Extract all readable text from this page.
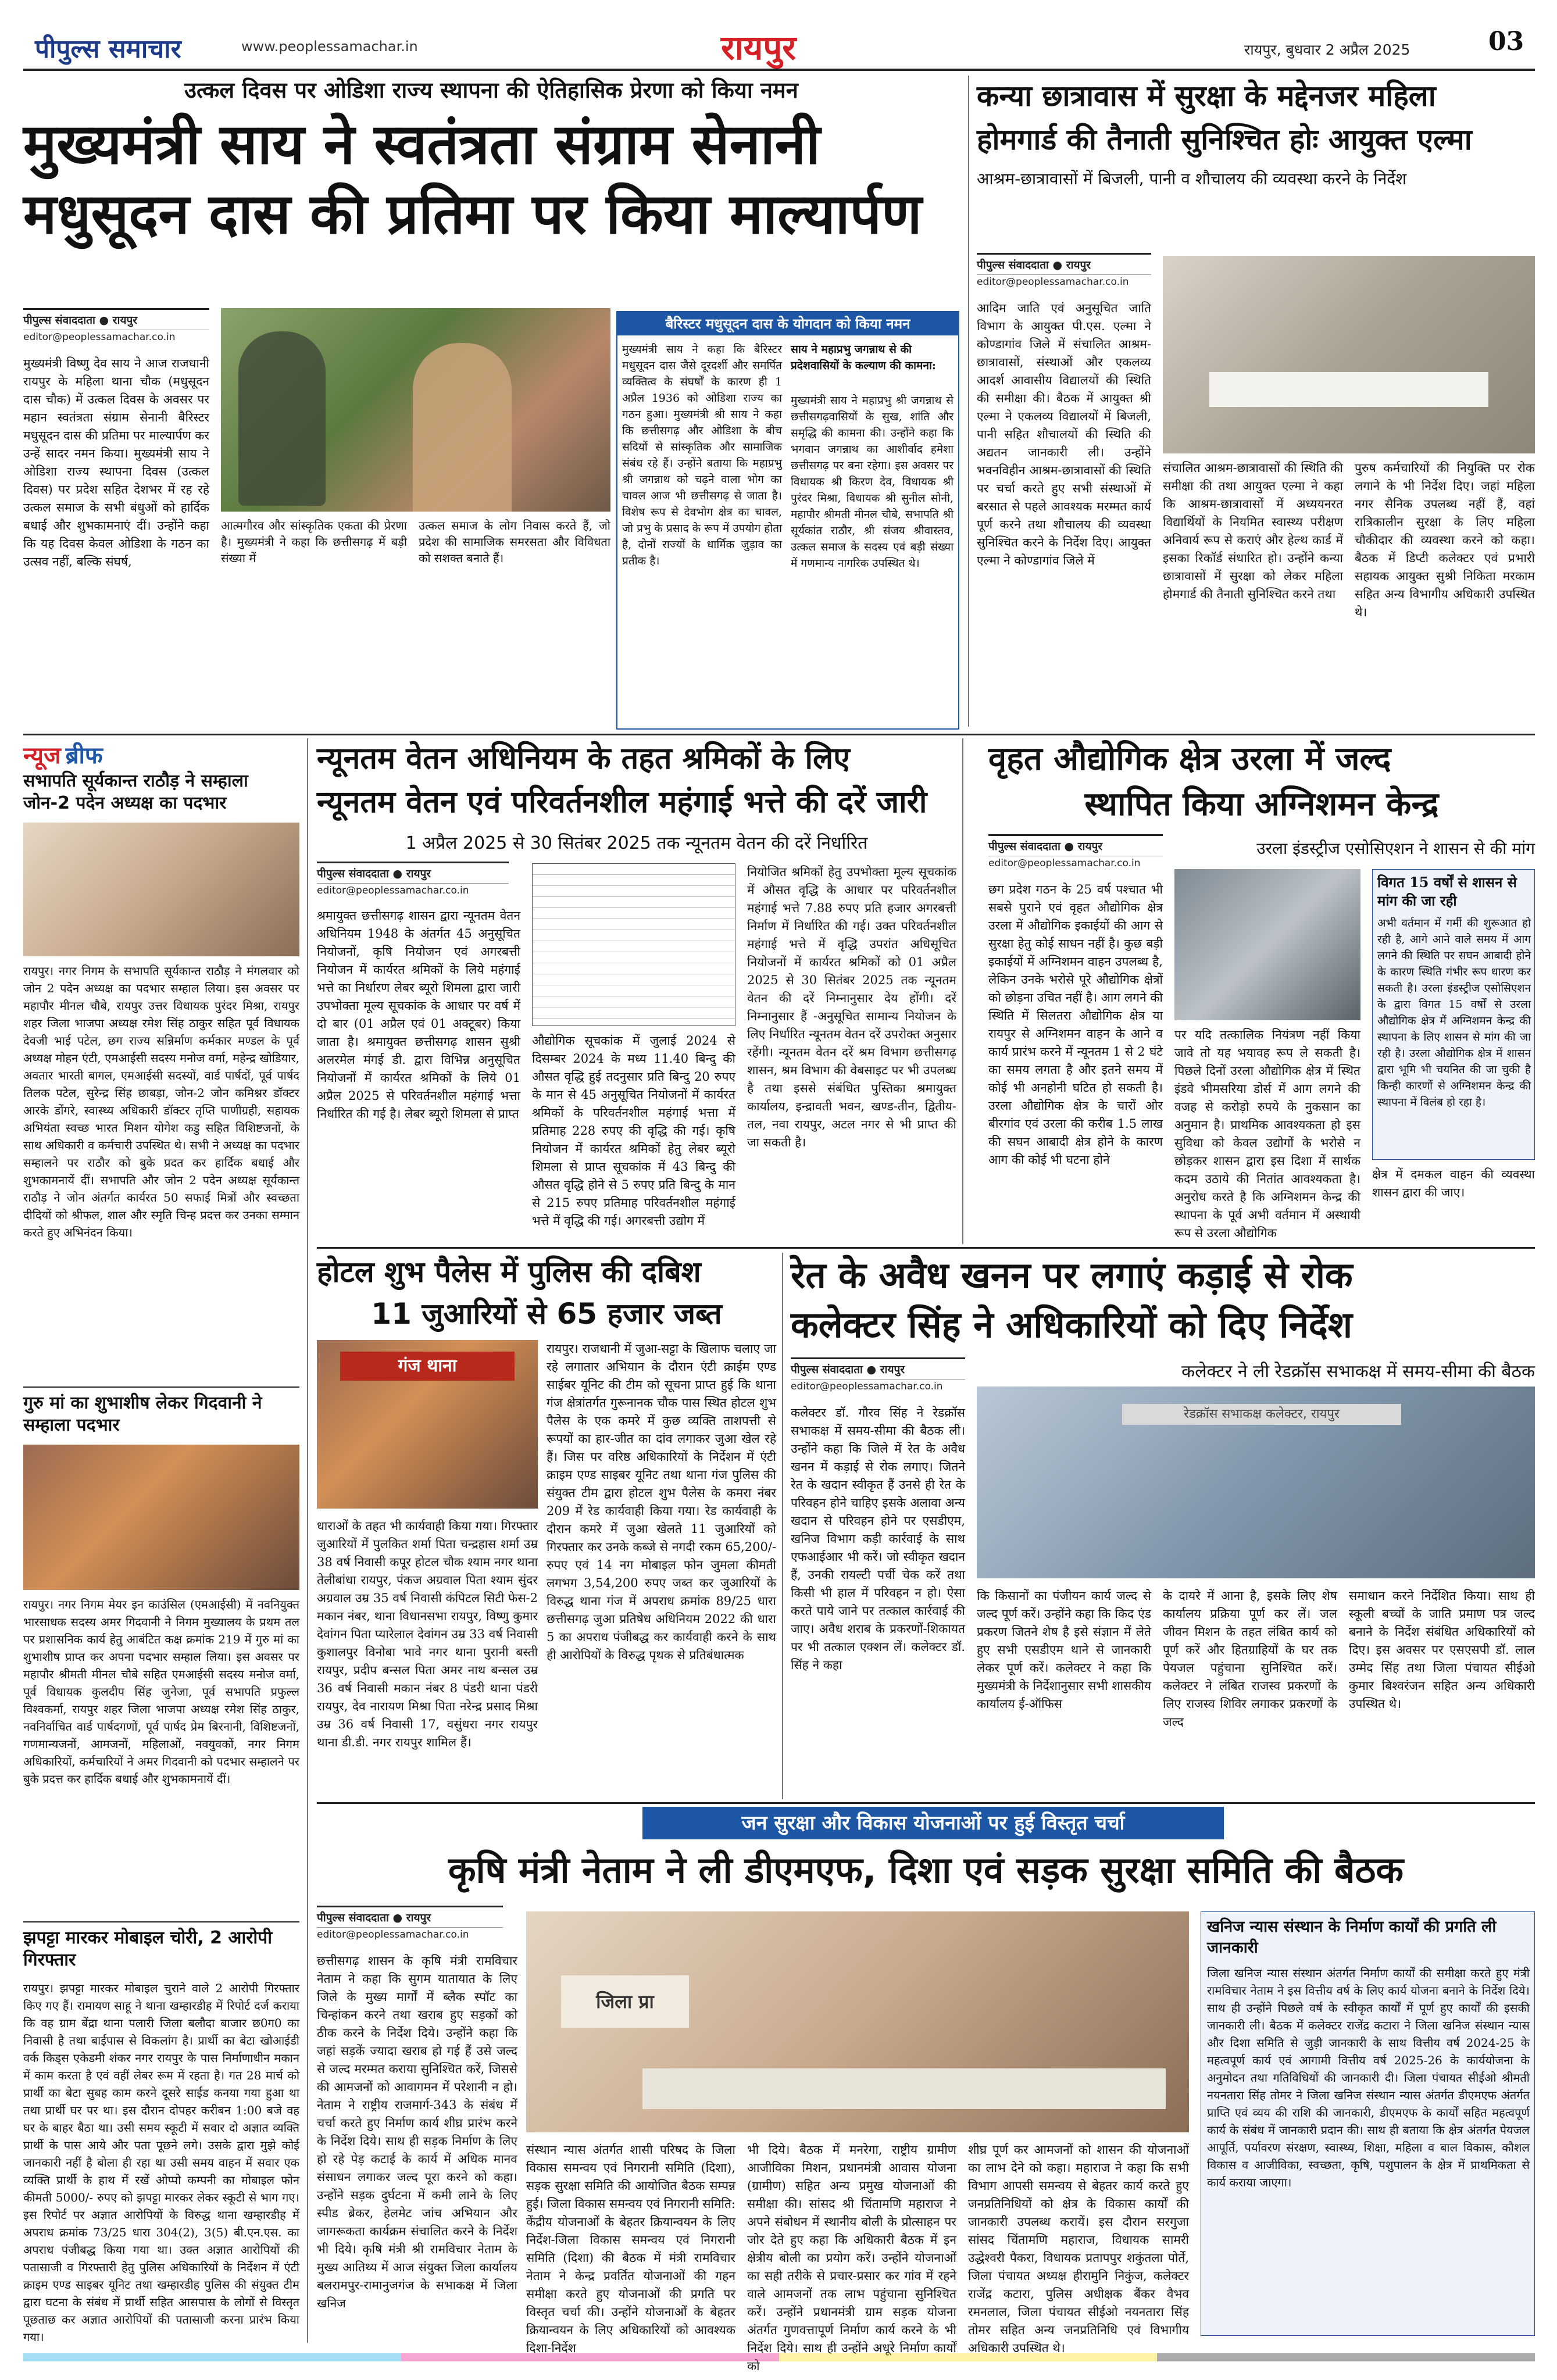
पीपुल्स समाचार	www.peoplessamachar.in	रायपुर	रायपुर, बुधवार 2 अप्रैल 2025	03
उत्कल दिवस पर ओडिशा राज्य स्थापना की ऐतिहासिक प्रेरणा को किया नमन
मुख्यमंत्री साय ने स्वतंत्रता संग्राम सेनानी
मधुसूदन दास की प्रतिमा पर किया माल्यार्पण
पीपुल्स संवाददाता ● रायपुर
editor@peoplessamachar.co.in
मुख्यमंत्री विष्णु देव साय ने आज राजधानी रायपुर के महिला थाना चौक (मधुसूदन दास चौक) में उत्कल दिवस के अवसर पर महान स्वतंत्रता संग्राम सेनानी बैरिस्टर मधुसूदन दास की प्रतिमा पर माल्यार्पण कर उन्हें सादर नमन किया। मुख्यमंत्री साय ने ओडिशा राज्य स्थापना दिवस (उत्कल दिवस) पर प्रदेश सहित देशभर में रह रहे उत्कल समाज के सभी बंधुओं को हार्दिक बधाई और शुभकामनाएं दीं। उन्होंने कहा कि यह दिवस केवल ओडिशा के गठन का उत्सव नहीं, बल्कि संघर्ष,
आत्मगौरव और सांस्कृतिक एकता की प्रेरणा है। मुख्यमंत्री ने कहा कि छत्तीसगढ़ में बड़ी संख्या में
उत्कल समाज के लोग निवास करते हैं, जो प्रदेश की सामाजिक समरसता और विविधता को सशक्त बनाते हैं।
बैरिस्टर मधुसूदन दास के योगदान को किया नमन
मुख्यमंत्री साय ने कहा कि बैरिस्टर मधुसूदन दास जैसे दूरदर्शी और समर्पित व्यक्तित्व के संघर्षों के कारण ही 1 अप्रैल 1936 को ओडिशा राज्य का गठन हुआ। मुख्यमंत्री श्री साय ने कहा कि छत्तीसगढ़ और ओडिशा के बीच सदियों से सांस्कृतिक और सामाजिक संबंध रहे हैं। उन्होंने बताया कि महाप्रभु श्री जगन्नाथ को चढ़ने वाला भोग का चावल आज भी छत्तीसगढ़ से जाता है। विशेष रूप से देवभोग क्षेत्र का चावल, जो प्रभु के प्रसाद के रूप में उपयोग होता है, दोनों राज्यों के धार्मिक जुड़ाव का प्रतीक है।
साय ने महाप्रभु जगन्नाथ से की प्रदेशवासियों के कल्याण की कामना:
मुख्यमंत्री साय ने महाप्रभु श्री जगन्नाथ से छत्तीसगढ़वासियों के सुख, शांति और समृद्धि की कामना की। उन्होंने कहा कि भगवान जगन्नाथ का आशीर्वाद हमेशा छत्तीसगढ़ पर बना रहेगा। इस अवसर पर विधायक श्री किरण देव, विधायक श्री पुरंदर मिश्रा, विधायक श्री सुनील सोनी, महापौर श्रीमती मीनल चौबे, सभापति श्री सूर्यकांत राठौर, श्री संजय श्रीवास्तव, उत्कल समाज के सदस्य एवं बड़ी संख्या में गणमान्य नागरिक उपस्थित थे।
कन्या छात्रावास में सुरक्षा के मद्देनजर महिला
होमगार्ड की तैनाती सुनिश्चित होः आयुक्त एल्मा
आश्रम-छात्रावासों में बिजली, पानी व शौचालय की व्यवस्था करने के निर्देश
पीपुल्स संवाददाता ● रायपुर
editor@peoplessamachar.co.in
आदिम जाति एवं अनुसूचित जाति विभाग के आयुक्त पी.एस. एल्मा ने कोण्डागांव जिले में संचालित आश्रम-छात्रावासों, संस्थाओं और एकलव्य आदर्श आवासीय विद्यालयों की स्थिति की समीक्षा की। बैठक में आयुक्त श्री एल्मा ने एकलव्य विद्यालयों में बिजली, पानी सहित शौचालयों की स्थिति की अद्यतन जानकारी ली। उन्होंने भवनविहीन आश्रम-छात्रावासों की स्थिति पर चर्चा करते हुए सभी संस्थाओं में बरसात से पहले आवश्यक मरम्मत कार्य पूर्ण करने तथा शौचालय की व्यवस्था सुनिश्चित करने के निर्देश दिए। आयुक्त एल्मा ने कोण्डागांव जिले में
संचालित आश्रम-छात्रावासों की स्थिति की समीक्षा की तथा आयुक्त एल्मा ने कहा कि आश्रम-छात्रावासों में अध्ययनरत विद्यार्थियों के नियमित स्वास्थ्य परीक्षण अनिवार्य रूप से कराएं और हेल्थ कार्ड में इसका रिकॉर्ड संधारित हो। उन्होंने कन्या छात्रावासों में सुरक्षा को लेकर महिला होमगार्ड की तैनाती सुनिश्चित करने तथा
पुरुष कर्मचारियों की नियुक्ति पर रोक लगाने के भी निर्देश दिए। जहां महिला नगर सैनिक उपलब्ध नहीं हैं, वहां रात्रिकालीन सुरक्षा के लिए महिला चौकीदार की व्यवस्था करने को कहा। बैठक में डिप्टी कलेक्टर एवं प्रभारी सहायक आयुक्त सुश्री निकिता मरकाम सहित अन्य विभागीय अधिकारी उपस्थित थे।
न्यूज ब्रीफ
सभापति सूर्यकान्त राठौड़ ने सम्हाला जोन-2 पदेन अध्यक्ष का पदभार
रायपुर। नगर निगम के सभापति सूर्यकान्त राठौड़ ने मंगलवार को जोन 2 पदेन अध्यक्ष का पदभार सम्हाल लिया। इस अवसर पर महापौर मीनल चौबे, रायपुर उत्तर विधायक पुरंदर मिश्रा, रायपुर शहर जिला भाजपा अध्यक्ष रमेश सिंह ठाकुर सहित पूर्व विधायक देवजी भाई पटेल, छग राज्य सन्निर्माण कर्मकार मण्डल के पूर्व अध्यक्ष मोहन एंटी, एमआईसी सदस्य मनोज वर्मा, महेन्द्र खोडियार, अवतार भारती बागल, एमआईसी सदस्यों, वार्ड पार्षदों, पूर्व पार्षद तिलक पटेल, सुरेन्द्र सिंह छाबड़ा, जोन-2 जोन कमिश्नर डॉक्टर आरके डोंगरे, स्वास्थ्य अधिकारी डॉक्टर तृप्ति पाणीग्रही, सहायक अभियंता स्वच्छ भारत मिशन योगेश कडु सहित विशिष्टजनों, के साथ अधिकारी व कर्मचारी उपस्थित थे। सभी ने अध्यक्ष का पदभार सम्हालने पर राठौर को बुके प्रदत कर हार्दिक बधाई और शुभकामनायें दीं। सभापति और जोन 2 पदेन अध्यक्ष सूर्यकान्त राठौड़ ने जोन अंतर्गत कार्यरत 50 सफाई मित्रों और स्वच्छता दीदियों को श्रीफल, शाल और स्मृति चिन्ह प्रदत्त कर उनका सम्मान करते हुए अभिनंदन किया।
गुरु मां का शुभाशीष लेकर गिदवानी ने सम्हाला पदभार
रायपुर। नगर निगम मेयर इन काउंसिल (एमआईसी) में नवनियुक्त भारसाधक सदस्य अमर गिदवानी ने निगम मुख्यालय के प्रथम तल पर प्रशासनिक कार्य हेतु आबंटित कक्ष क्रमांक 219 में गुरु मां का शुभाशीष प्राप्त कर अपना पदभार सम्हाल लिया। इस अवसर पर महापौर श्रीमती मीनल चौबे सहित एमआईसी सदस्य मनोज वर्मा, पूर्व विधायक कुलदीप सिंह जुनेजा, पूर्व सभापति प्रफुल्ल विश्वकर्मा, रायपुर शहर जिला भाजपा अध्यक्ष रमेश सिंह ठाकुर, नवनिर्वाचित वार्ड पार्षदगणों, पूर्व पार्षद प्रेम बिरनानी, विशिष्टजनों, गणमान्यजनों, आमजनों, महिलाओं, नवयुवकों, नगर निगम अधिकारियों, कर्मचारियों ने अमर गिदवानी को पदभार सम्हालने पर बुके प्रदत्त कर हार्दिक बधाई और शुभकामनायें दीं।
झपट्टा मारकर मोबाइल चोरी, 2 आरोपी गिरफ्तार
रायपुर। झपट्टा मारकर मोबाइल चुराने वाले 2 आरोपी गिरफ्तार किए गए हैं। रामायण साहू ने थाना खम्हारडीह में रिपोर्ट दर्ज कराया कि वह ग्राम बेंद्रा थाना पलारी जिला बलौदा बाजार छ0ग0 का निवासी है तथा बाईपास से विकलांग है। प्रार्थी का बेटा खोआईडी वर्क किड्स एकेडमी शंकर नगर रायपुर के पास निर्माणाधीन मकान में काम करता है एवं वहीं लेबर रूम में रहता है। गत 28 मार्च को प्रार्थी का बेटा सुबह काम करने दूसरे साईड कनया गया हुआ था तथा प्रार्थी घर पर था। इस दौरान दोपहर करीबन 1:00 बजे वह घर के बाहर बैठा था। उसी समय स्कूटी में सवार दो अज्ञात व्यक्ति प्रार्थी के पास आये और पता पूछने लगे। उसके द्वारा मुझे कोई जानकारी नहीं है बोला ही रहा था उसी समय वाहन में सवार एक व्यक्ति प्रार्थी के हाथ में रखें ओप्पो कम्पनी का मोबाइल फोन कीमती 5000/- रुपए को झपट्टा मारकर लेकर स्कूटी से भाग गए। इस रिपोर्ट पर अज्ञात आरोपियों के विरुद्ध थाना खम्हारडीह में अपराध क्रमांक 73/25 धारा 304(2), 3(5) बी.एन.एस. का अपराध पंजीबद्ध किया गया था। उक्त अज्ञात आरोपियों की पतासाजी व गिरफ्तारी हेतु पुलिस अधिकारियों के निर्देशन में एंटी क्राइम एण्ड साइबर यूनिट तथा खम्हारडीह पुलिस की संयुक्त टीम द्वारा घटना के संबंध में प्रार्थी सहित आसपास के लोगों से विस्तृत पूछताछ कर अज्ञात आरोपियों की पतासाजी करना प्रारंभ किया गया।
न्यूनतम वेतन अधिनियम के तहत श्रमिकों के लिए
न्यूनतम वेतन एवं परिवर्तनशील महंगाई भत्ते की दरें जारी
1 अप्रैल 2025 से 30 सितंबर 2025 तक न्यूनतम वेतन की दरें निर्धारित
पीपुल्स संवाददाता ● रायपुर
editor@peoplessamachar.co.in
श्रमायुक्त छत्तीसगढ़ शासन द्वारा न्यूनतम वेतन अधिनियम 1948 के अंतर्गत 45 अनुसूचित नियोजनों, कृषि नियोजन एवं अगरबत्ती नियोजन में कार्यरत श्रमिकों के लिये महंगाई भत्ते का निर्धारण लेबर ब्यूरो शिमला द्वारा जारी उपभोक्ता मूल्य सूचकांक के आधार पर वर्ष में दो बार (01 अप्रैल एवं 01 अक्टूबर) किया जाता है। श्रमायुक्त छत्तीसगढ़ शासन सुश्री अलरमेल मंगई डी. द्वारा विभिन्न अनुसूचित नियोजनों में कार्यरत श्रमिकों के लिये 01 अप्रैल 2025 से परिवर्तनशील महंगाई भत्ता निर्धारित की गई है। लेबर ब्यूरो शिमला से प्राप्त
औद्योगिक सूचकांक में जुलाई 2024 से दिसम्बर 2024 के मध्य 11.40 बिन्दु की औसत वृद्धि हुई तदनुसार प्रति बिन्दु 20 रुपए के मान से 45 अनुसूचित नियोजनों में कार्यरत श्रमिकों के परिवर्तनशील महंगाई भत्ता में प्रतिमाह 228 रुपए की वृद्धि की गई। कृषि नियोजन में कार्यरत श्रमिकों हेतु लेबर ब्यूरो शिमला से प्राप्त सूचकांक में 43 बिन्दु की औसत वृद्धि होने से 5 रुपए प्रति बिन्दु के मान से 215 रुपए प्रतिमाह परिवर्तनशील महंगाई भत्ते में वृद्धि की गई। अगरबत्ती उद्योग में
नियोजित श्रमिकों हेतु उपभोक्ता मूल्य सूचकांक में औसत वृद्धि के आधार पर परिवर्तनशील महंगाई भत्ते 7.88 रुपए प्रति हजार अगरबत्ती निर्माण में निर्धारित की गई। उक्त परिवर्तनशील महंगाई भत्ते में वृद्धि उपरांत अधिसूचित नियोजनों में कार्यरत श्रमिकों को 01 अप्रैल 2025 से 30 सितंबर 2025 तक न्यूनतम वेतन की दरें निम्नानुसार देय होंगी। दरें निम्नानुसार हैं -अनुसूचित सामान्य नियोजन के लिए निर्धारित न्यूनतम वेतन दरें उपरोक्त अनुसार रहेंगी। न्यूनतम वेतन दरें श्रम विभाग छत्तीसगढ़ शासन, श्रम विभाग की वेबसाइट पर भी उपलब्ध है तथा इससे संबंधित पुस्तिका श्रमायुक्त कार्यालय, इन्द्रावती भवन, खण्ड-तीन, द्वितीय-तल, नवा रायपुर, अटल नगर से भी प्राप्त की जा सकती है।
वृहत औद्योगिक क्षेत्र उरला में जल्द
स्थापित किया अग्निशमन केन्द्र
पीपुल्स संवाददाता ● रायपुर	उरला इंडस्ट्रीज एसोसिएशन ने शासन से की मांग
editor@peoplessamachar.co.in
छग प्रदेश गठन के 25 वर्ष पश्चात भी सबसे पुराने एवं वृहत औद्योगिक क्षेत्र उरला में औद्योगिक इकाईयों की आग से सुरक्षा हेतु कोई साधन नहीं है। कुछ बड़ी इकाईयों में अग्निशमन वाहन उपलब्ध है, लेकिन उनके भरोसे पूरे औद्योगिक क्षेत्रों को छोड़ना उचित नहीं है। आग लगने की स्थिति में सिलतरा औद्योगिक क्षेत्र या रायपुर से अग्निशमन वाहन के आने व कार्य प्रारंभ करने में न्यूनतम 1 से 2 घंटे का समय लगता है और इतने समय में कोई भी अनहोनी घटित हो सकती है। उरला औद्योगिक क्षेत्र के चारों ओर बीरगांव एवं उरला की करीब 1.5 लाख की सघन आबादी क्षेत्र होने के कारण आग की कोई भी घटना होने
पर यदि तत्कालिक नियंत्रण नहीं किया जावे तो यह भयावह रूप ले सकती है। पिछले दिनों उरला औद्योगिक क्षेत्र में स्थित इंडवे भीमसरिया डोर्स में आग लगने की वजह से करोड़ो रुपये के नुकसान का अनुमान है। प्राथमिक आवश्यकता हो इस सुविधा को केवल उद्योगों के भरोसे न छोड़कर शासन द्वारा इस दिशा में सार्थक कदम उठाये की नितांत आवश्यकता है। अनुरोध करते है कि अग्निशमन केन्द्र की स्थापना के पूर्व अभी वर्तमान में अस्थायी रूप से उरला औद्योगिक
विगत 15 वर्षों से शासन से मांग की जा रही
अभी वर्तमान में गर्मी की शुरूआत हो रही है, आगे आने वाले समय में आग लगने की स्थिति पर सघन आबादी होने के कारण स्थिति गंभीर रूप धारण कर सकती है। उरला इंडस्ट्रीज एसोसिएशन के द्वारा विगत 15 वर्षों से उरला औद्योगिक क्षेत्र में अग्निशमन केन्द्र की स्थापना के लिए शासन से मांग की जा रही है। उरला औद्योगिक क्षेत्र में शासन द्वारा भूमि भी चयनित की जा चुकी है किन्ही कारणों से अग्निशमन केन्द्र की स्थापना में विलंब हो रहा है।
क्षेत्र में दमकल वाहन की व्यवस्था शासन द्वारा की जाए।
होटल शुभ पैलेस में पुलिस की दबिश
11 जुआरियों से 65 हजार जब्त
गंज थाना
रायपुर। राजधानी में जुआ-सट्टा के खिलाफ चलाए जा रहे लगातार अभियान के दौरान एंटी क्राईम एण्ड साईबर यूनिट की टीम को सूचना प्राप्त हुई कि थाना गंज क्षेत्रांतर्गत गुरूनानक चौक पास स्थित होटल शुभ पैलेस के एक कमरे में कुछ व्यक्ति ताशपत्ती से रूपयों का हार-जीत का दांव लगाकर जुआ खेल रहे हैं। जिस पर वरिष्ठ अधिकारियों के निर्देशन में एंटी क्राइम एण्ड साइबर यूनिट तथा थाना गंज पुलिस की संयुक्त टीम द्वारा होटल शुभ पैलेस के कमरा नंबर 209 में रेड कार्यवाही किया गया। रेड कार्यवाही के दौरान कमरे में जुआ खेलते 11 जुआरियों को गिरफ्तार कर उनके कब्जे से नगदी रकम 65,200/- रुपए एवं 14 नग मोबाइल फोन जुमला कीमती लगभग 3,54,200 रुपए जब्त कर जुआरियों के विरुद्ध थाना गंज में अपराध क्रमांक 89/25 धारा छत्तीसगढ़ जुआ प्रतिषेध अधिनियम 2022 की धारा 5 का अपराध पंजीबद्ध कर कार्यवाही करने के साथ ही आरोपियों के विरुद्ध पृथक से प्रतिबंधात्मक
धाराओं के तहत भी कार्यवाही किया गया। गिरफ्तार जुआरियों में पुलकित शर्मा पिता चन्द्रहास शर्मा उम्र 38 वर्ष निवासी कपूर होटल चौक श्याम नगर थाना तेलीबांधा रायपुर, पंकज अग्रवाल पिता श्याम सुंदर अग्रवाल उम्र 35 वर्ष निवासी कंपिटल सिटी फेस-2 मकान नंबर, थाना विधानसभा रायपुर, विष्णु कुमार देवांगन पिता प्यारेलाल देवांगन उम्र 33 वर्ष निवासी कुशालपुर विनोबा भावे नगर थाना पुरानी बस्ती रायपुर, प्रदीप बन्सल पिता अमर नाथ बन्सल उम्र 36 वर्ष निवासी मकान नंबर 8 पंडरी थाना पंडरी रायपुर, देव नारायण मिश्रा पिता नरेन्द्र प्रसाद मिश्रा उम्र 36 वर्ष निवासी 17, वसुंधरा नगर रायपुर थाना डी.डी. नगर रायपुर शामिल हैं।
रेत के अवैध खनन पर लगाएं कड़ाई से रोक
कलेक्टर सिंह ने अधिकारियों को दिए निर्देश
पीपुल्स संवाददाता ● रायपुर	कलेक्टर ने ली रेडक्रॉस सभाकक्ष में समय-सीमा की बैठक
editor@peoplessamachar.co.in
रेडक्रॉस सभाकक्ष कलेक्टर, रायपुर
कलेक्टर डॉ. गौरव सिंह ने रेडक्रॉस सभाकक्ष में समय-सीमा की बैठक ली। उन्होंने कहा कि जिले में रेत के अवैध खनन में कड़ाई से रोक लगाए। जितने रेत के खदान स्वीकृत हैं उनसे ही रेत के परिवहन होने चाहिए इसके अलावा अन्य खदान से परिवहन होने पर एसडीएम, खनिज विभाग कड़ी कार्रवाई के साथ एफआईआर भी करें। जो स्वीकृत खदान हैं, उनकी रायल्टी पर्ची चेक करें तथा किसी भी हाल में परिवहन न हो। ऐसा करते पाये जाने पर तत्काल कार्रवाई की जाए। अवैध शराब के प्रकरणों-शिकायत पर भी तत्काल एक्शन लें। कलेक्टर डॉ. सिंह ने कहा
कि किसानों का पंजीयन कार्य जल्द से जल्द पूर्ण करें। उन्होंने कहा कि किद एंड प्रकरण जितने शेष है इसे संज्ञान में लेते हुए सभी एसडीएम थाने से जानकारी लेकर पूर्ण करें। कलेक्टर ने कहा कि मुख्यमंत्री के निर्देशानुसार सभी शासकीय कार्यालय ई-ऑफिस
के दायरे में आना है, इसके लिए शेष कार्यालय प्रक्रिया पूर्ण कर लें। जल जीवन मिशन के तहत लंबित कार्य को पूर्ण करें और हितग्राहियों के घर तक पेयजल पहुंचाना सुनिश्चित करें। कलेक्टर ने लंबित राजस्व प्रकरणों के लिए राजस्व शिविर लगाकर प्रकरणों के जल्द
समाधान करने निर्देशित किया। साथ ही स्कूली बच्चों के जाति प्रमाण पत्र जल्द बनाने के निर्देश संबंधित अधिकारियों को दिए। इस अवसर पर एसएसपी डॉ. लाल उम्मेद सिंह तथा जिला पंचायत सीईओ कुमार बिश्वरंजन सहित अन्य अधिकारी उपस्थित थे।
जन सुरक्षा और विकास योजनाओं पर हुई विस्तृत चर्चा
कृषि मंत्री नेताम ने ली डीएमएफ, दिशा एवं सड़क सुरक्षा समिति की बैठक
पीपुल्स संवाददाता ● रायपुर
editor@peoplessamachar.co.in
छत्तीसगढ़ शासन के कृषि मंत्री रामविचार नेताम ने कहा कि सुगम यातायात के लिए जिले के मुख्य मार्गों में ब्लैक स्पॉट का चिन्हांकन करने तथा खराब हुए सड़कों को ठीक करने के निर्देश दिये। उन्होंने कहा कि जहां सड़कें ज्यादा खराब हो गई हैं उसे जल्द से जल्द मरम्मत कराया सुनिश्चित करें, जिससे की आमजनों को आवागमन में परेशानी न हो। नेताम ने राष्ट्रीय राजमार्ग-343 के संबंध में चर्चा करते हुए निर्माण कार्य शीघ्र प्रारंभ करने के निर्देश दिये। साथ ही सड़क निर्माण के लिए हो रहे पेड़ कटाई के कार्य में अधिक मानव संसाधन लगाकर जल्द पूरा करने को कहा। उन्होंने सड़क दुर्घटना में कमी लाने के लिए स्पीड ब्रेकर, हेलमेट जांच अभियान और जागरूकता कार्यक्रम संचालित करने के निर्देश भी दिये। कृषि मंत्री श्री रामविचार नेताम के मुख्य आतिथ्य में आज संयुक्त जिला कार्यालय बलरामपुर-रामानुजगंज के सभाकक्ष में जिला खनिज
जिला प्रा
संस्थान न्यास अंतर्गत शासी परिषद के जिला विकास समन्वय एवं निगरानी समिति (दिशा), सड़क सुरक्षा समिति की आयोजित बैठक सम्पन्न हुई। जिला विकास समन्वय एवं निगरानी समिति: केंद्रीय योजनाओं के बेहतर क्रियान्वयन के लिए निर्देश-जिला विकास समन्वय एवं निगरानी समिति (दिशा) की बैठक में मंत्री रामविचार नेताम ने केन्द्र प्रवर्तित योजनाओं की गहन समीक्षा करते हुए योजनाओं की प्रगति पर विस्तृत चर्चा की। उन्होंने योजनाओं के बेहतर क्रियान्वयन के लिए अधिकारियों को आवश्यक दिशा-निर्देश
भी दिये। बैठक में मनरेगा, राष्ट्रीय ग्रामीण आजीविका मिशन, प्रधानमंत्री आवास योजना (ग्रामीण) सहित अन्य प्रमुख योजनाओं की समीक्षा की। सांसद श्री चिंतामणि महाराज ने अपने संबोधन में स्थानीय बोली के प्रोत्साहन पर जोर देते हुए कहा कि अधिकारी बैठक में इन क्षेत्रीय बोली का प्रयोग करें। उन्होंने योजनाओं का सही तरीके से प्रचार-प्रसार कर गांव में रहने वाले आमजनों तक लाभ पहुंचाना सुनिश्चित करें। उन्होंने प्रधानमंत्री ग्राम सड़क योजना अंतर्गत गुणवत्तापूर्ण निर्माण कार्य करने के भी निर्देश दिये। साथ ही उन्होंने अधूरे निर्माण कार्यों को
शीघ्र पूर्ण कर आमजनों को शासन की योजनाओं का लाभ देने को कहा। महाराज ने कहा कि सभी विभाग आपसी समन्वय से बेहतर कार्य करते हुए जनप्रतिनिधियों को क्षेत्र के विकास कार्यों की जानकारी उपलब्ध करायें। इस दौरान सरगुजा सांसद चिंतामणि महाराज, विधायक सामरी उद्धेश्वरी पैकरा, विधायक प्रतापपुर शकुंतला पोर्ते, जिला पंचायत अध्यक्ष हीरामुनि निकुंज, कलेक्टर राजेंद्र कटारा, पुलिस अधीक्षक बैंकर वैभव रमनलाल, जिला पंचायत सीईओ नयनतारा सिंह तोमर सहित अन्य जनप्रतिनिधि एवं विभागीय अधिकारी उपस्थित थे।
खनिज न्यास संस्थान के निर्माण कार्यों की प्रगति ली जानकारी
जिला खनिज न्यास संस्थान अंतर्गत निर्माण कार्यों की समीक्षा करते हुए मंत्री रामविचार नेताम ने इस वित्तीय वर्ष के लिए कार्य योजना बनाने के निर्देश दिये। साथ ही उन्होंने पिछले वर्ष के स्वीकृत कार्यों में पूर्ण हुए कार्यों की इसकी जानकारी ली। बैठक में कलेक्टर राजेंद्र कटारा ने जिला खनिज संस्थान न्यास और दिशा समिति से जुड़ी जानकारी के साथ वित्तीय वर्ष 2024-25 के महत्वपूर्ण कार्य एवं आगामी वित्तीय वर्ष 2025-26 के कार्ययोजना के अनुमोदन तथा गतिविधियों की जानकारी दी। जिला पंचायत सीईओ श्रीमती नयनतारा सिंह तोमर ने जिला खनिज संस्थान न्यास अंतर्गत डीएमएफ अंतर्गत प्राप्ति एवं व्यय की राशि की जानकारी, डीएमएफ के कार्यों सहित महत्वपूर्ण कार्य के संबंध में जानकारी प्रदान की। साथ ही बताया कि क्षेत्र अंतर्गत पेयजल आपूर्ति, पर्यावरण संरक्षण, स्वास्थ्य, शिक्षा, महिला व बाल विकास, कौशल विकास व आजीविका, स्वच्छता, कृषि, पशुपालन के क्षेत्र में प्राथमिकता से कार्य कराया जाएगा।
